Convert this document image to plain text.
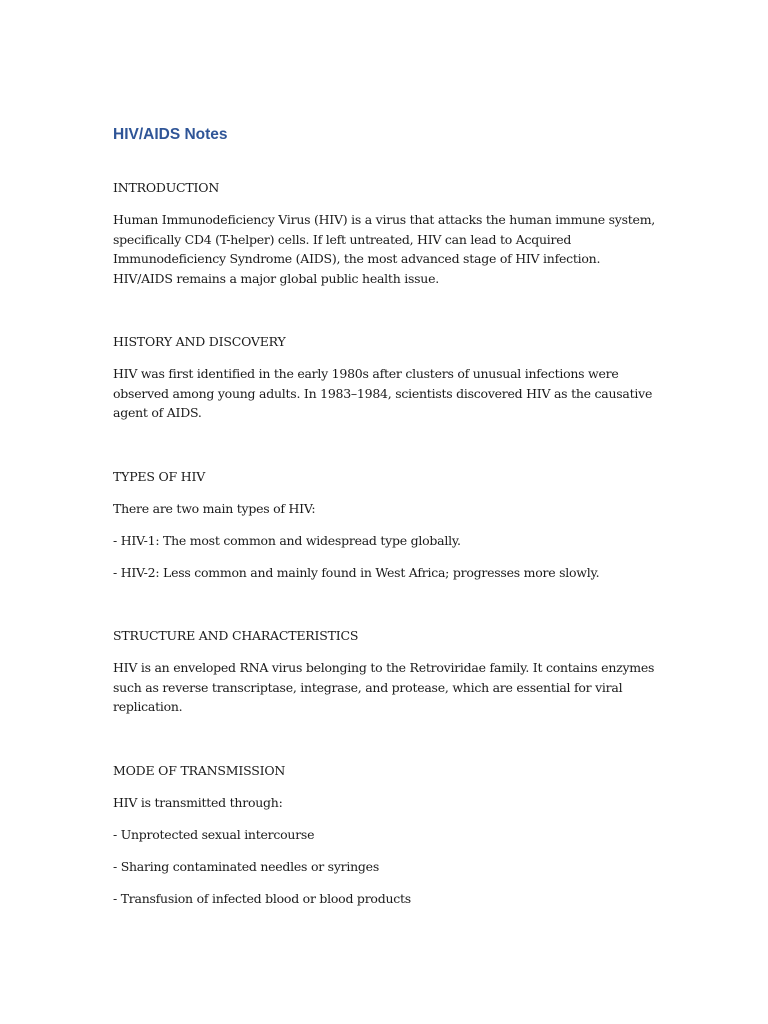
HIV/AIDS Notes

INTRODUCTION

Human Immunodeficiency Virus (HIV) is a virus that attacks the human immune system, specifically CD4 (T-helper) cells. If left untreated, HIV can lead to Acquired Immunodeficiency Syndrome (AIDS), the most advanced stage of HIV infection. HIV/AIDS remains a major global public health issue.

HISTORY AND DISCOVERY

HIV was first identified in the early 1980s after clusters of unusual infections were observed among young adults. In 1983–1984, scientists discovered HIV as the causative agent of AIDS.

TYPES OF HIV

There are two main types of HIV:

- HIV-1: The most common and widespread type globally.

- HIV-2: Less common and mainly found in West Africa; progresses more slowly.

STRUCTURE AND CHARACTERISTICS

HIV is an enveloped RNA virus belonging to the Retroviridae family. It contains enzymes such as reverse transcriptase, integrase, and protease, which are essential for viral replication.

MODE OF TRANSMISSION

HIV is transmitted through:

- Unprotected sexual intercourse

- Sharing contaminated needles or syringes

- Transfusion of infected blood or blood products
